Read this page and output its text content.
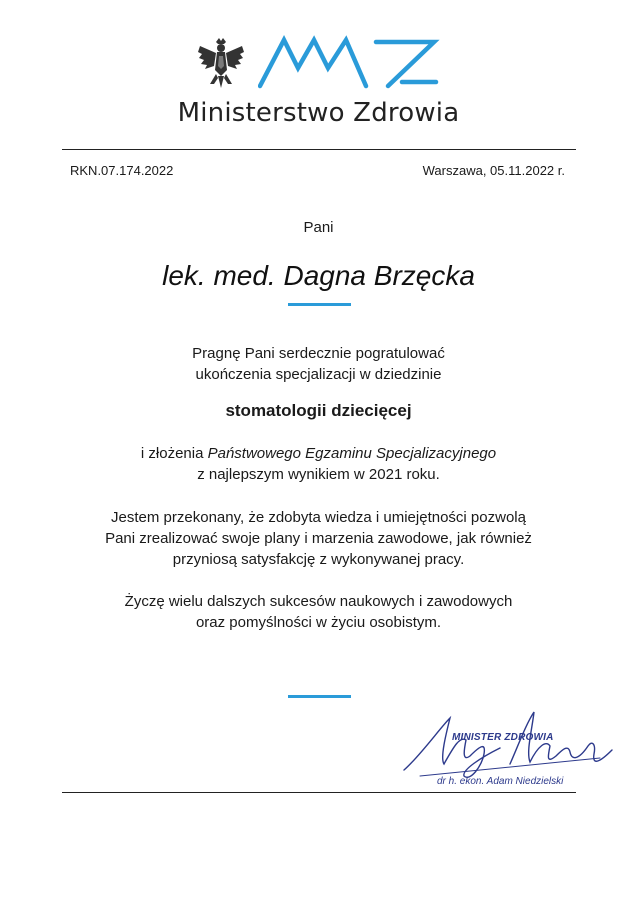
Ministerstwo Zdrowia
RKN.07.174.2022	Warszawa, 05.11.2022 r.
Pani
lek. med. Dagna Brzęcka
Pragnę Pani serdecznie pogratulować
ukończenia specjalizacji w dziedzinie
stomatologii dziecięcej
i złożenia Państwowego Egzaminu Specjalizacyjnego
z najlepszym wynikiem w 2021 roku.
Jestem przekonany, że zdobyta wiedza i umiejętności pozwolą
Pani zrealizować swoje plany i marzenia zawodowe, jak również
przyniosą satysfakcję z wykonywanej pracy.
Życzę wielu dalszych sukcesów naukowych i zawodowych
oraz pomyślności w życiu osobistym.
MINISTER ZDROWIA
dr h. ekon. Adam Niedzielski
